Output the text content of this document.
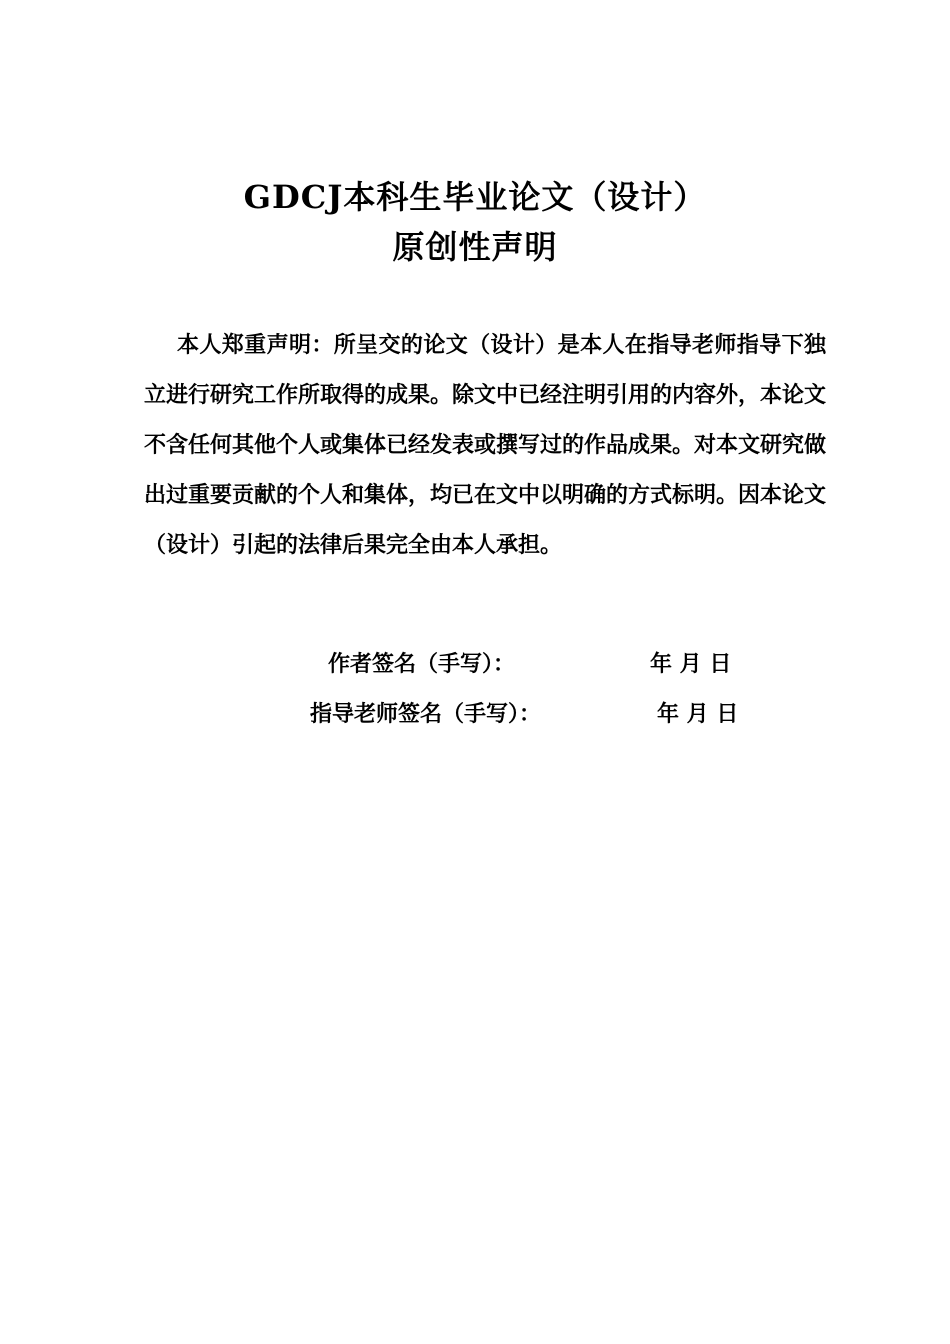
GDCJ本科生毕业论文（设计）
原创性声明

本人郑重声明：所呈交的论文（设计）是本人在指导老师指导下独立进行研究工作所取得的成果。除文中已经注明引用的内容外，本论文不含任何其他个人或集体已经发表或撰写过的作品成果。对本文研究做出过重要贡献的个人和集体，均已在文中以明确的方式标明。因本论文（设计）引起的法律后果完全由本人承担。

作者签名（手写）：	年 月 日
指导老师签名（手写）：	年 月 日
